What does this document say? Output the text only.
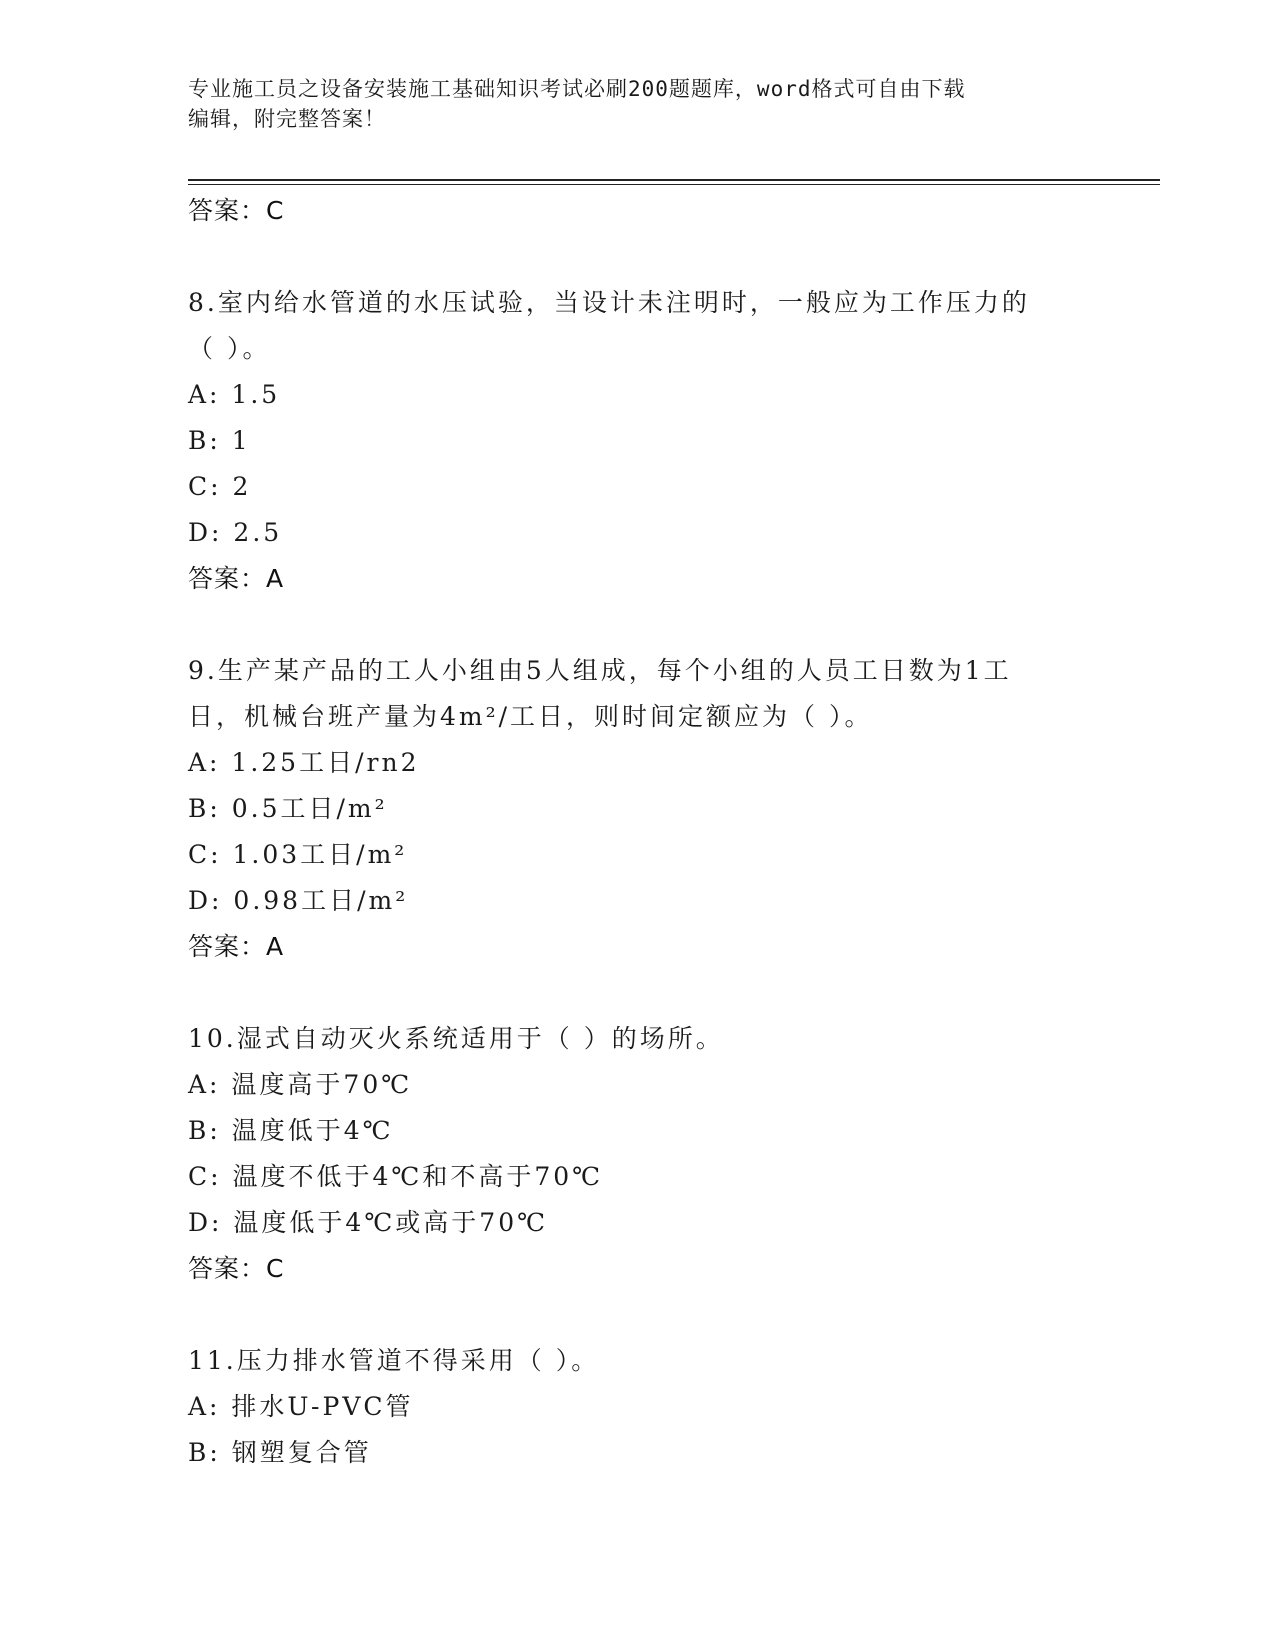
专业施工员之设备安装施工基础知识考试必刷200题题库，word格式可自由下载
编辑，附完整答案！
答案：C
8.室内给水管道的水压试验，当设计未注明时，一般应为工作压力的
（ ）。
A: 1.5
B: 1
C: 2
D: 2.5
答案：A
9.生产某产品的工人小组由5人组成，每个小组的人员工日数为1工
日，机械台班产量为4m²/工日，则时间定额应为（ ）。
A: 1.25工日/rn2
B: 0.5工日/m²
C: 1.03工日/m²
D: 0.98工日/m²
答案：A
10.湿式自动灭火系统适用于（ ）的场所。
A: 温度高于70℃
B: 温度低于4℃
C: 温度不低于4℃和不高于70℃
D: 温度低于4℃或高于70℃
答案：C
11.压力排水管道不得采用（ ）。
A: 排水U-PVC管
B: 钢塑复合管
